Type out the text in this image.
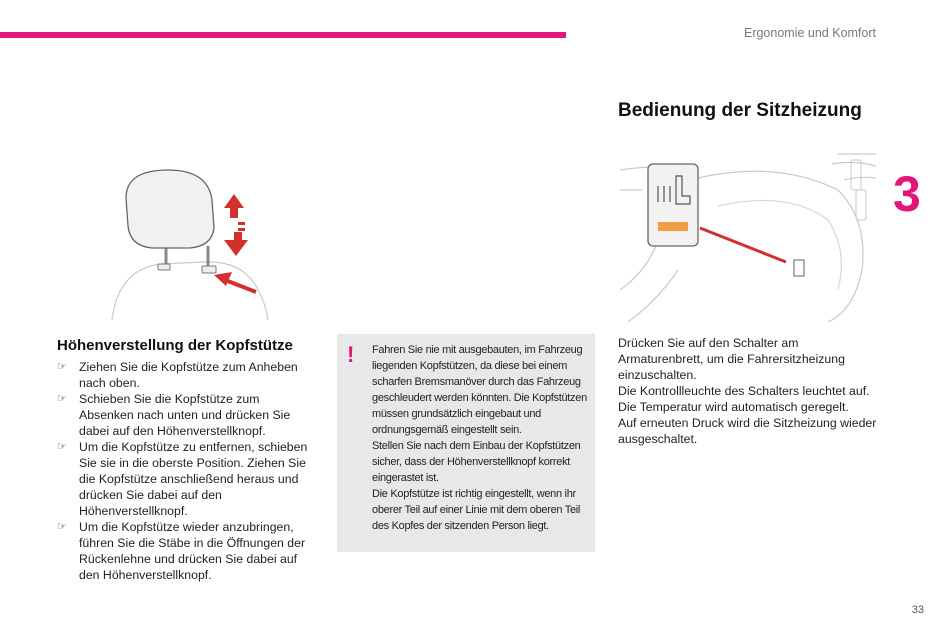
Ergonomie und Komfort
3
Bedienung der Sitzheizung
Höhenverstellung der Kopfstütze
☞ Ziehen Sie die Kopfstütze zum Anheben nach oben.
☞ Schieben Sie die Kopfstütze zum Absenken nach unten und drücken Sie dabei auf den Höhenverstellknopf.
☞ Um die Kopfstütze zu entfernen, schieben Sie sie in die oberste Position. Ziehen Sie die Kopfstütze anschließend heraus und drücken Sie dabei auf den Höhenverstellknopf.
☞ Um die Kopfstütze wieder anzubringen, führen Sie die Stäbe in die Öffnungen der Rückenlehne und drücken Sie dabei auf den Höhenverstellknopf.
! Fahren Sie nie mit ausgebauten, im Fahrzeug liegenden Kopfstützen, da diese bei einem scharfen Bremsmanöver durch das Fahrzeug geschleudert werden könnten. Die Kopfstützen müssen grundsätzlich eingebaut und ordnungsgemäß eingestellt sein.
Stellen Sie nach dem Einbau der Kopfstützen sicher, dass der Höhenverstellknopf korrekt eingerastet ist.
Die Kopfstütze ist richtig eingestellt, wenn ihr oberer Teil auf einer Linie mit dem oberen Teil des Kopfes der sitzenden Person liegt.
Drücken Sie auf den Schalter am Armaturenbrett, um die Fahrersitzheizung einzuschalten.
Die Kontrollleuchte des Schalters leuchtet auf.
Die Temperatur wird automatisch geregelt.
Auf erneuten Druck wird die Sitzheizung wieder ausgeschaltet.
33
